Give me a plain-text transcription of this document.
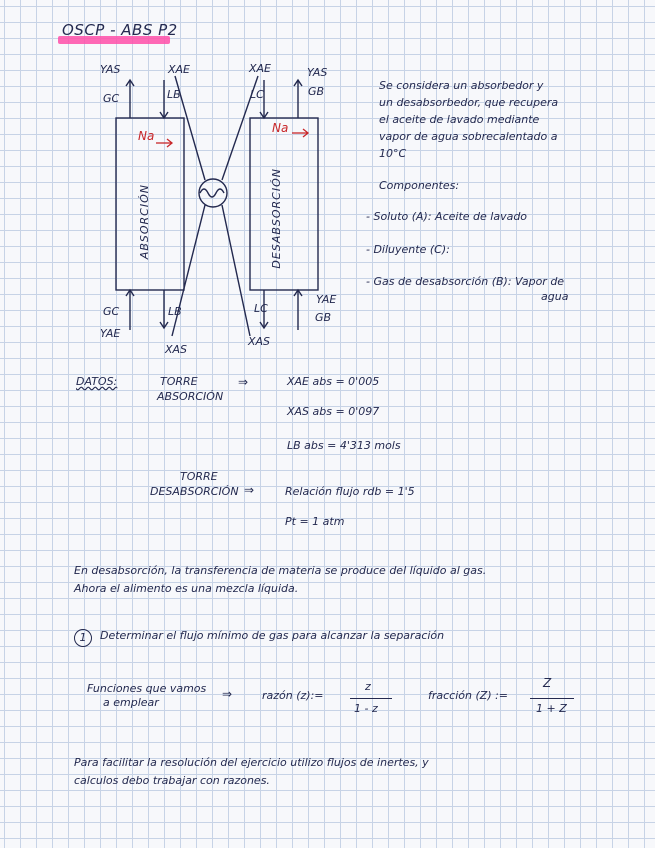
OSCP - ABS P2
YAS
GC
XAE
LB
Na
ABSORCIÓN
GC
YAE
LB
XAS
XAE
LC
YAS
GB
Na
DESABSORCIÓN
LC
XAS
YAE
GB
Se considera un absorbedor y
un desabsorbedor, que recupera
el aceite de lavado mediante
vapor de agua sobrecalentado a
10°C
Componentes:
- Soluto (A): Aceite de lavado
- Diluyente (C):
- Gas de desabsorción (B): Vapor de
agua
DATOS:	TORRE
ABSORCIÓN
⇒	XAE abs = 0'005
XAS abs = 0'097
LB abs = 4'313 mols
TORRE
DESABSORCIÓN ⇒	Relación flujo rdb = 1'5
Pt = 1 atm
En desabsorción, la transferencia de materia se produce del líquido al gas.
Ahora el alimento es una mezcla líquida.
1	Determinar el flujo mínimo de gas para alcanzar la separación
Funciones que vamos
a emplear
⇒	razón (z):=
z
1 - z
fracción (Z) :=
Z
1 + Z
Para facilitar la resolución del ejercicio utilizo flujos de inertes, y
calculos debo trabajar con razones.
